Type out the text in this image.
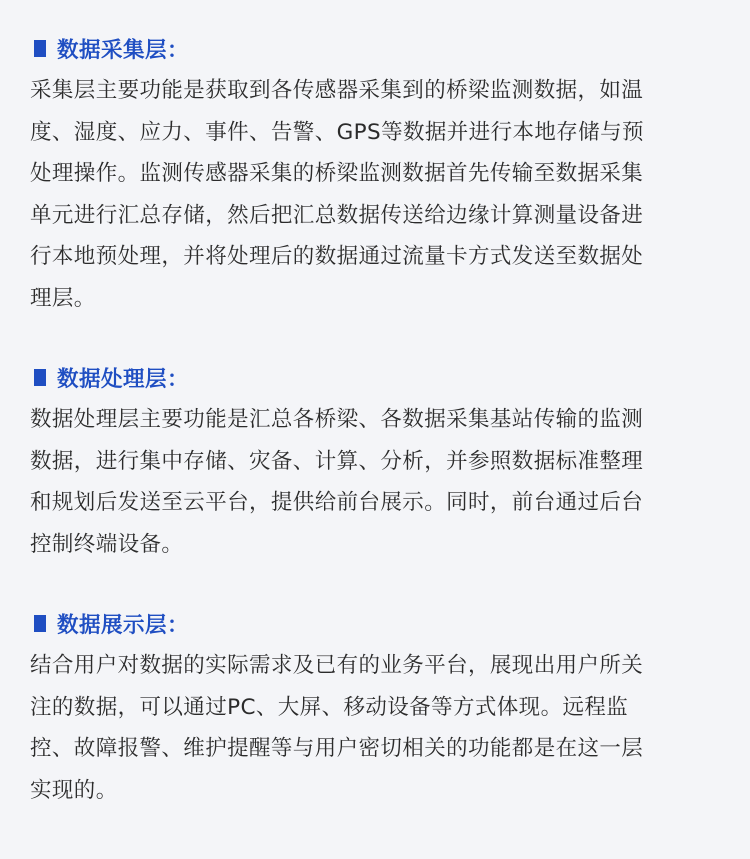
数据采集层：
采集层主要功能是获取到各传感器采集到的桥梁监测数据，如温
度、湿度、应力、事件、告警、GPS等数据并进行本地存储与预
处理操作。监测传感器采集的桥梁监测数据首先传输至数据采集
单元进行汇总存储，然后把汇总数据传送给边缘计算测量设备进
行本地预处理，并将处理后的数据通过流量卡方式发送至数据处
理层。
数据处理层：
数据处理层主要功能是汇总各桥梁、各数据采集基站传输的监测
数据，进行集中存储、灾备、计算、分析，并参照数据标准整理
和规划后发送至云平台，提供给前台展示。同时，前台通过后台
控制终端设备。
数据展示层：
结合用户对数据的实际需求及已有的业务平台，展现出用户所关
注的数据，可以通过PC、大屏、移动设备等方式体现。远程监
控、故障报警、维护提醒等与用户密切相关的功能都是在这一层
实现的。
